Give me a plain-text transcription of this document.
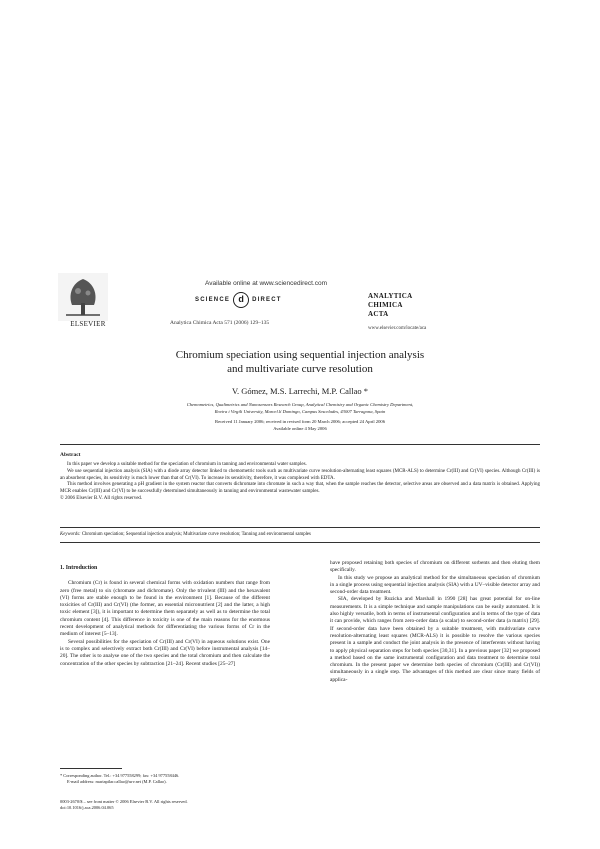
ELSEVIER
Available online at www.sciencedirect.com
SCIENCE d	DIRECT
Analytica Chimica Acta 571 (2006) 129–135
ANALYTICA
CHIMICA
ACTA
www.elsevier.com/locate/aca
Chromium speciation using sequential injection analysis
and multivariate curve resolution
V. Gómez, M.S. Larrechi, M.P. Callao *
Chemometrics, Qualimetrics and Nanosensors Research Group, Analytical Chemistry and Organic Chemistry Department,
Rovira i Virgili University, Marcel.lí Domingo, Campus Sescelades, 43007 Tarragona, Spain
Received 11 January 2006; received in revised form 20 March 2006; accepted 24 April 2006
Available online 4 May 2006
Abstract

In this paper we develop a suitable method for the speciation of chromium in tanning and environmental water samples.

We use sequential injection analysis (SIA) with a diode array detector linked to chemometric tools such as multivariate curve resolution-alternating least squares (MCR-ALS) to determine Cr(III) and Cr(VI) species. Although Cr(III) is an absorbent species, its sensitivity is much lower than that of Cr(VI). To increase its sensitivity, therefore, it was complexed with EDTA.

This method involves generating a pH gradient in the system reactor that converts dichromate into chromate in such a way that, when the sample reaches the detector, selective areas are observed and a data matrix is obtained. Applying MCR enables Cr(III) and Cr(VI) to be successfully determined simultaneously in tanning and environmental wastewater samples.

© 2006 Elsevier B.V. All rights reserved.

Keywords: Chromium speciation; Sequential injection analysis; Multivariate curve resolution; Tanning and environmental samples
1. Introduction

Chromium (Cr) is found in several chemical forms with oxidation numbers that range from zero (free metal) to six (chromate and dichromate). Only the trivalent (III) and the hexavalent (VI) forms are stable enough to be found in the environment [1]. Because of the different toxicities of Cr(III) and Cr(VI) (the former, an essential micronutrient [2] and the latter, a high toxic element [3]), it is important to determine them separately as well as to determine the total chromium content [4]. This difference in toxicity is one of the main reasons for the enormous recent development of analytical methods for differentiating the various forms of Cr in the medium of interest [5–13].

Several possibilities for the speciation of Cr(III) and Cr(VI) in aqueous solutions exist. One is to complex and selectively extract both Cr(III) and Cr(VI) before instrumental analysis [14–20]. The other is to analyse one of the two species and the total chromium and then calculate the concentration of the other species by subtraction [21–24]. Recent studies [25–27]

have proposed retaining both species of chromium on different sorbents and then eluting them specifically.

In this study we propose an analytical method for the simultaneous speciation of chromium in a single process using sequential injection analysis (SIA) with a UV–visible detector array and second-order data treatment.

SIA, developed by Ruzicka and Marshall in 1990 [28] has great potential for on-line measurements. It is a simple technique and sample manipulations can be easily automated. It is also highly versatile, both in terms of instrumental configuration and in terms of the type of data it can provide, which ranges from zero-order data (a scalar) to second-order data (a matrix) [29]. If second-order data have been obtained by a suitable treatment, with multivariate curve resolution-alternating least squares (MCR-ALS) it is possible to resolve the various species present in a sample and conduct the joint analysis in the presence of interferents without having to apply physical separation steps for both species [30,31]. In a previous paper [32] we proposed a method based on the same instrumental configuration and data treatment to determine total chromium. In the present paper we determine both species of chromium (Cr(III) and Cr(VI)) simultaneously in a single step. The advantages of this method are clear since many fields of applica-

* Corresponding author. Tel.: +34 977558299; fax: +34 977558446.
E-mail address: mariapilar.callao@urv.net (M.P. Callao).
0003-2670/$ – see front matter © 2006 Elsevier B.V. All rights reserved.
doi:10.1016/j.aca.2006.04.065
